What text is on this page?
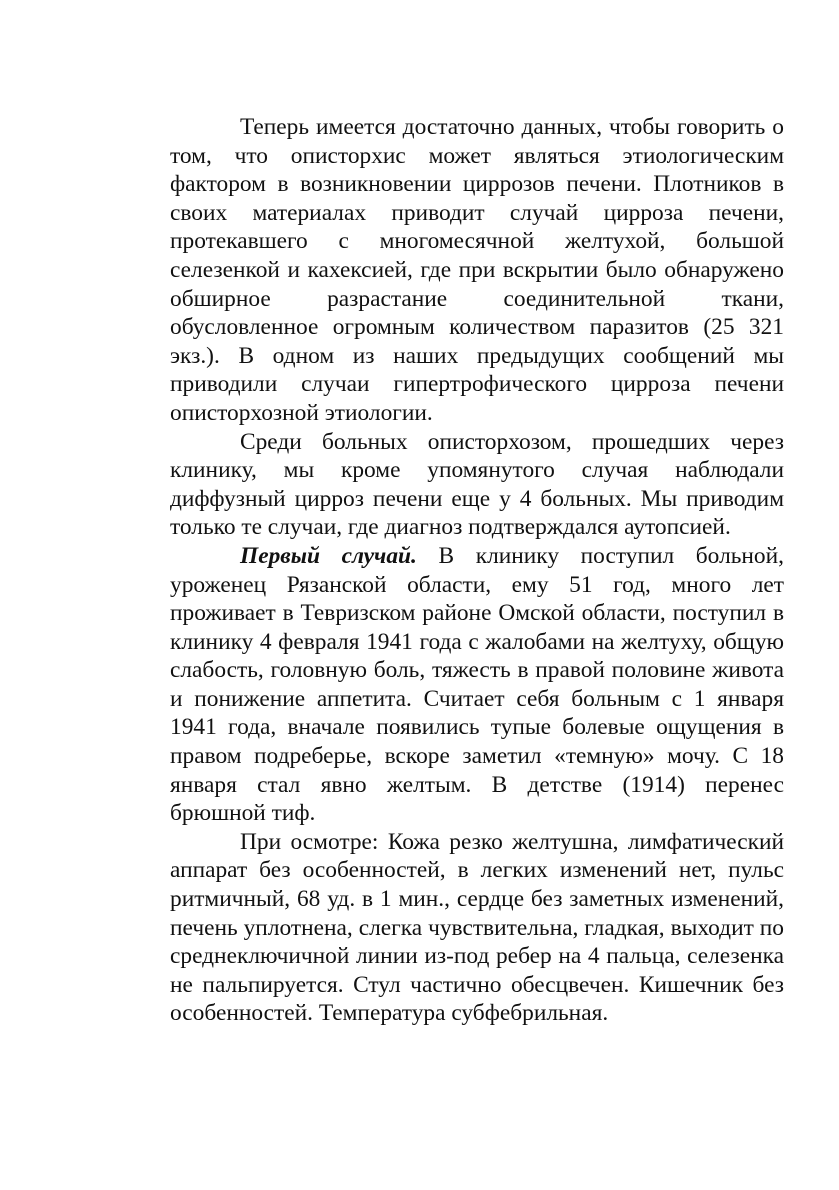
Теперь имеется достаточно данных, чтобы говорить о том, что описторхис может являться этиологическим фактором в возникновении циррозов печени. Плотников в своих материалах приводит случай цирроза печени, протекавшего с многомесячной желтухой, большой селезенкой и кахексией, где при вскрытии было обнаружено обширное разрастание соединительной ткани, обусловленное огромным количеством паразитов (25 321 экз.). В одном из наших предыдущих сообщений мы приводили случаи гипертрофического цирроза печени описторхозной этиологии.

Среди больных описторхозом, прошедших через клинику, мы кроме упомянутого случая наблюдали диффузный цирроз печени еще у 4 больных. Мы приводим только те случаи, где диагноз подтверждался аутопсией.

Первый случай. В клинику поступил больной, уроженец Рязанской области, ему 51 год, много лет проживает в Тевризском районе Омской области, поступил в клинику 4 февраля 1941 года с жалобами на желтуху, общую слабость, головную боль, тяжесть в правой половине живота и понижение аппетита. Считает себя больным с 1 января 1941 года, вначале появились тупые болевые ощущения в правом подреберье, вскоре заметил «темную» мочу. С 18 января стал явно желтым. В детстве (1914) перенес брюшной тиф.

При осмотре: Кожа резко желтушна, лимфатический аппарат без особенностей, в легких изменений нет, пульс ритмичный, 68 уд. в 1 мин., сердце без заметных изменений, печень уплотнена, слегка чувствительна, гладкая, выходит по среднеключичной линии из-под ребер на 4 пальца, селезенка не пальпируется. Стул частично обесцвечен. Кишечник без особенностей. Температура субфебрильная.
